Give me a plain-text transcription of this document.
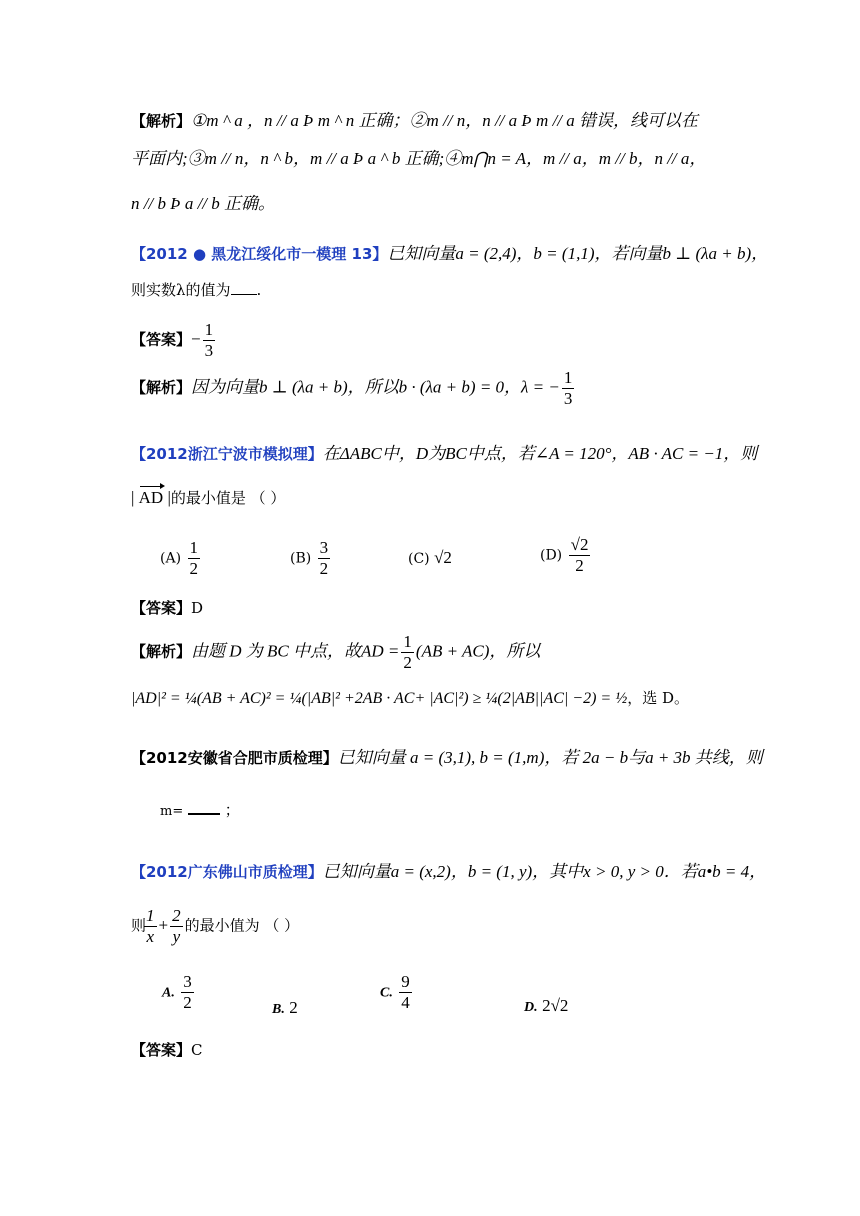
【解析】①m ^ a ，n // a Þ m ^ n 正确；②m // n，n // a Þ m // a 错误，线可以在
平面内;③m // n，n ^ b，m // a Þ a ^ b 正确;④m⋂n = A，m // a，m // b，n // a，
n // b Þ a // b 正确。
【2012 ● 黑龙江绥化市一模理 13】已知向量a = (2,4)，b = (1,1)，若向量b ⊥ (λa + b)，
则实数λ的值为 .
【答案】− $\frac{1}{3}$
【解析】因为向量b ⊥ (λa + b)，所以b · (λa + b) = 0，λ = − $\frac{1}{3}$
【2012浙江宁波市模拟理】在ΔABC中，D为BC中点，若∠A = 120°，AB · AC = −1，则
| AD |的最小值是 （ ）
$(A) \frac{1}{2}$	$(B) \frac{3}{2}$	(C) √2	$(D) \frac{√2}{2}$
【答案】D
【解析】由题 D 为 BC 中点，故AD = $\frac{1}{2} (AB + AC)$，所以
|AD|² = ¼(AB + AC)² = ¼(|AB|² +2AB · AC+ |AC|²) ≥ ¼(2|AB||AC| −2) = ½，选 D。
【2012安徽省合肥市质检理】已知向量 a = (3,1), b = (1,m)，若 2a − b与a + 3b 共线，则
m=	；
【2012广东佛山市质检理】已知向量a = (x,2)，b = (1, y)，其中x > 0, y > 0．若a•b = 4，
则
$\frac{1}{x} + \frac{2}{y}$ 的最小值为 （ ）
A. $\frac{3}{2}$	B. 2
C. $\frac{9}{4}$	D. 2√2
【答案】C
